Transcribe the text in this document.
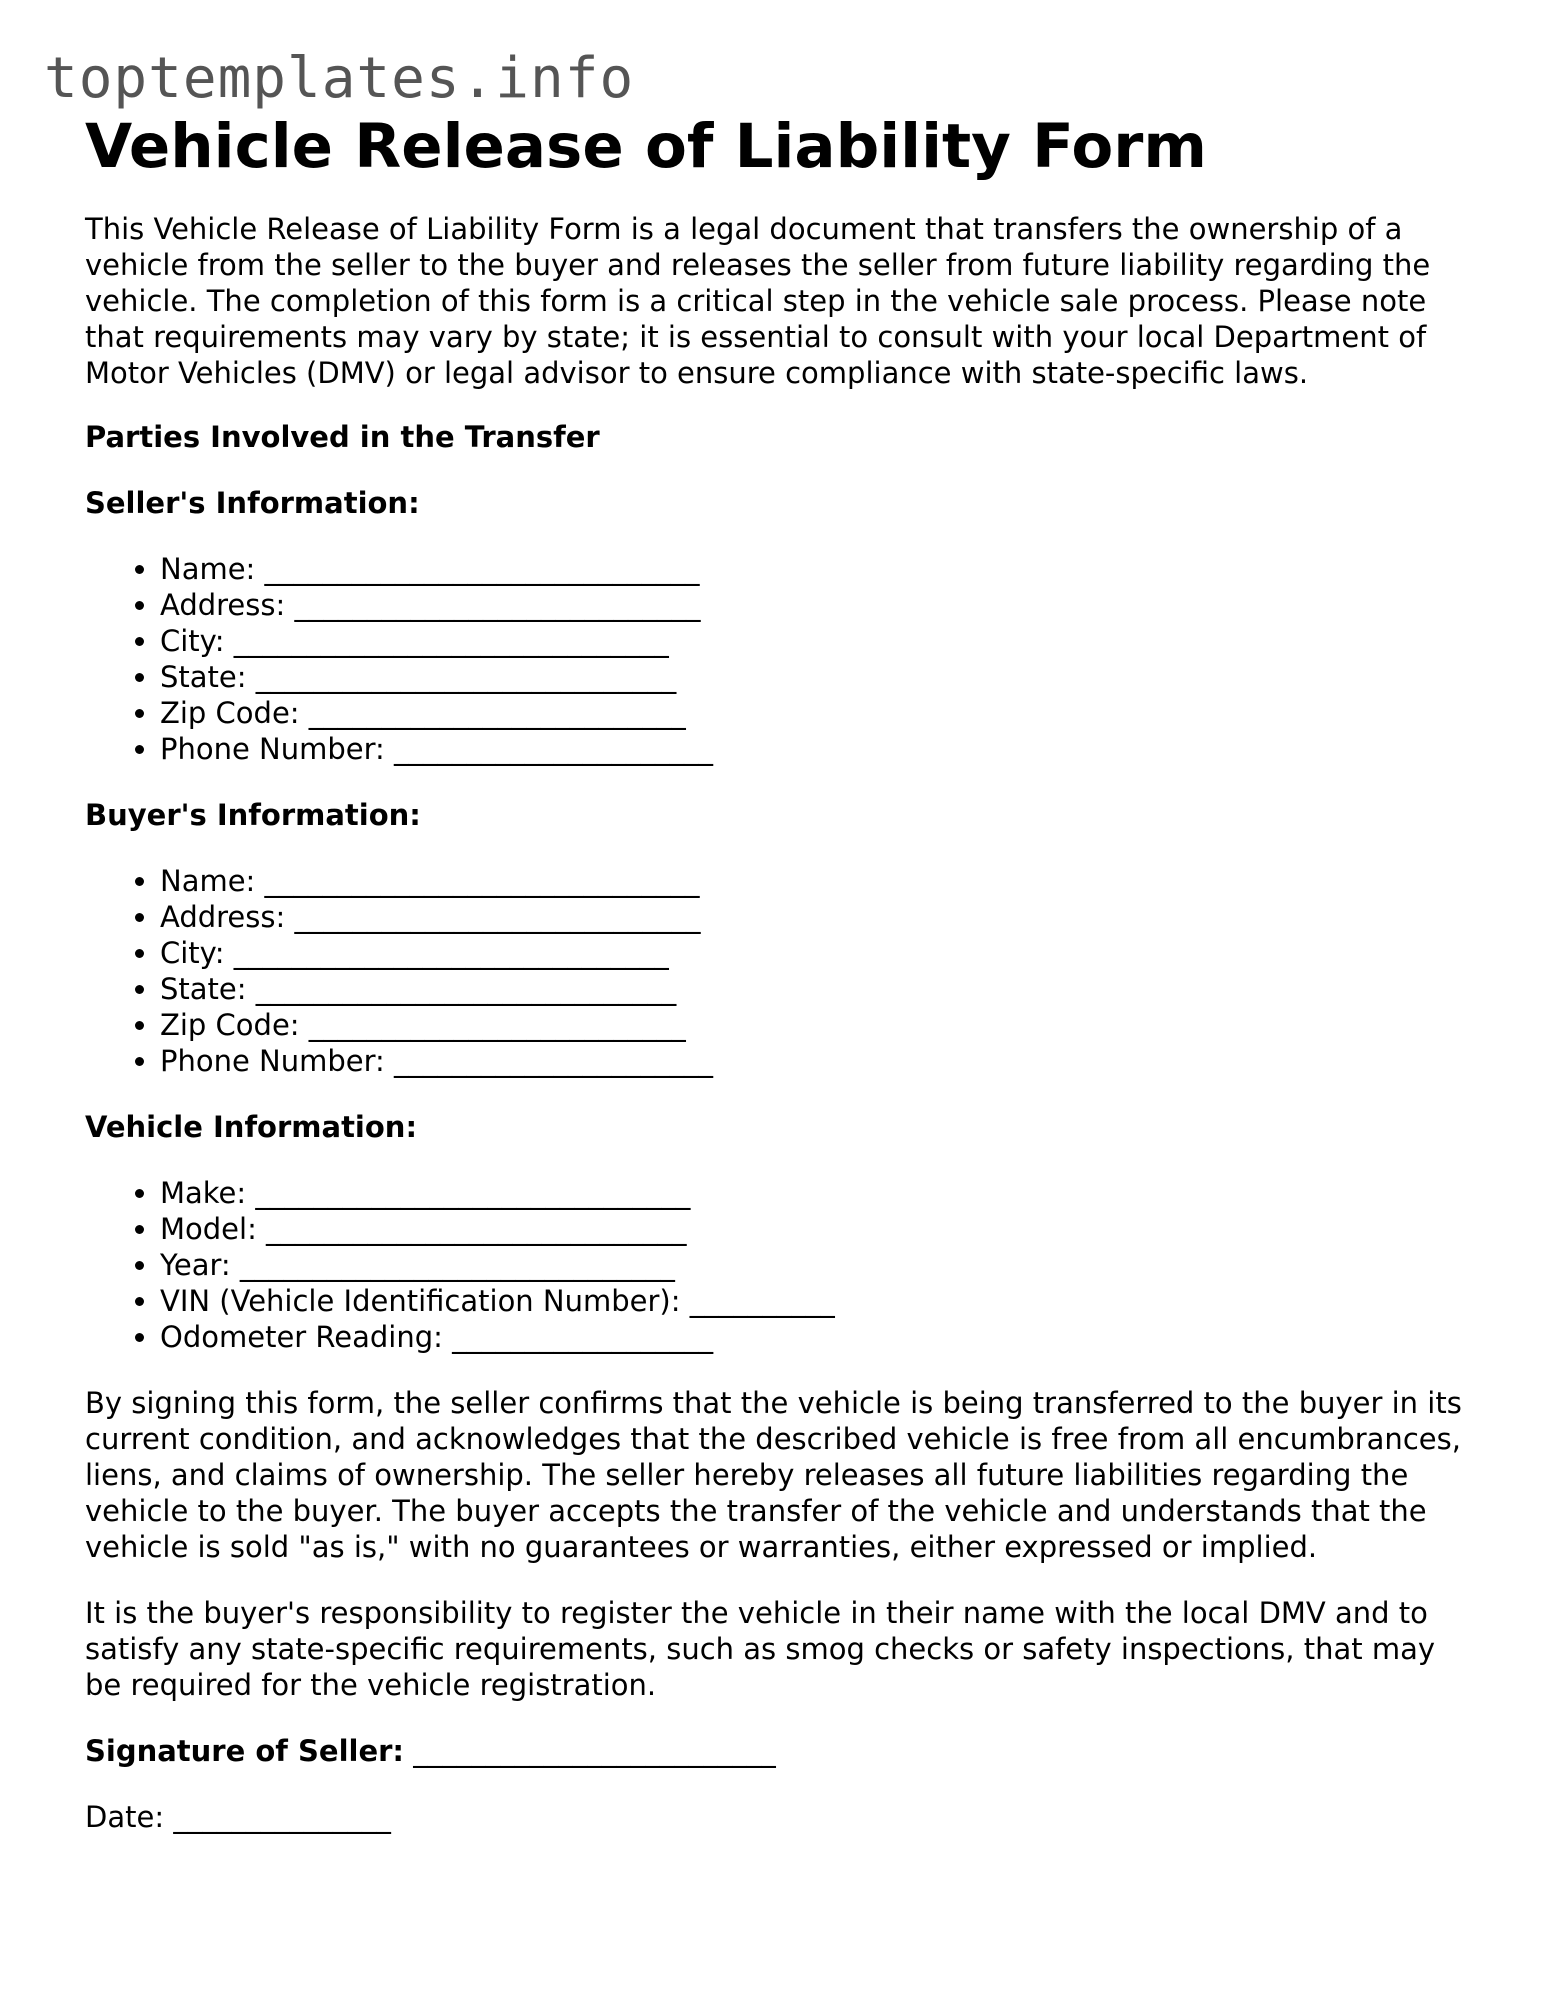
toptemplates.info
Vehicle Release of Liability Form

This Vehicle Release of Liability Form is a legal document that transfers the ownership of a vehicle from the seller to the buyer and releases the seller from future liability regarding the vehicle. The completion of this form is a critical step in the vehicle sale process. Please note that requirements may vary by state; it is essential to consult with your local Department of Motor Vehicles (DMV) or legal advisor to ensure compliance with state-specific laws.

Parties Involved in the Transfer
Seller's Information:
• Name: ______________________________
• Address: ____________________________
• City: ______________________________
• State: _____________________________
• Zip Code: __________________________
• Phone Number: ______________________
Buyer's Information:
• Name: ______________________________
• Address: ____________________________
• City: ______________________________
• State: _____________________________
• Zip Code: __________________________
• Phone Number: ______________________
Vehicle Information:
• Make: ______________________________
• Model: _____________________________
• Year: ______________________________
• VIN (Vehicle Identification Number): __________
• Odometer Reading: __________________

By signing this form, the seller confirms that the vehicle is being transferred to the buyer in its current condition, and acknowledges that the described vehicle is free from all encumbrances, liens, and claims of ownership. The seller hereby releases all future liabilities regarding the vehicle to the buyer. The buyer accepts the transfer of the vehicle and understands that the vehicle is sold "as is," with no guarantees or warranties, either expressed or implied.

It is the buyer's responsibility to register the vehicle in their name with the local DMV and to satisfy any state-specific requirements, such as smog checks or safety inspections, that may be required for the vehicle registration.

Signature of Seller: _________________________
Date: _______________
